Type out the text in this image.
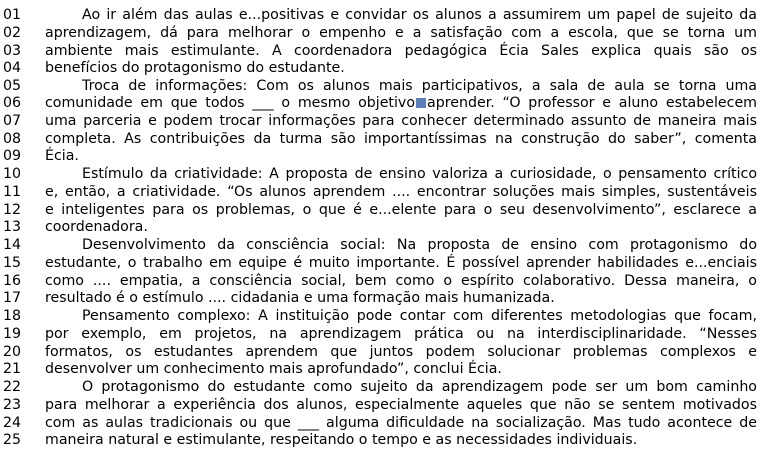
01	Ao ir além das aulas e...positivas e convidar os alunos a assumirem um papel de sujeito da
02	aprendizagem, dá para melhorar o empenho e a satisfação com a escola, que se torna um
03	ambiente mais estimulante. A coordenadora pedagógica Écia Sales explica quais são os
04	benefícios do protagonismo do estudante.
05	Troca de informações: Com os alunos mais participativos, a sala de aula se torna uma
06	comunidade em que todos ___ o mesmo objetivo aprender. “O professor e aluno estabelecem
07	uma parceria e podem trocar informações para conhecer determinado assunto de maneira mais
08	completa. As contribuições da turma são importantíssimas na construção do saber”, comenta
09	Écia.
10	Estímulo da criatividade: A proposta de ensino valoriza a curiosidade, o pensamento crítico
11	e, então, a criatividade. “Os alunos aprendem .... encontrar soluções mais simples, sustentáveis
12	e inteligentes para os problemas, o que é e...elente para o seu desenvolvimento”, esclarece a
13	coordenadora.
14	Desenvolvimento da consciência social: Na proposta de ensino com protagonismo do
15	estudante, o trabalho em equipe é muito importante. É possível aprender habilidades e...enciais
16	como .... empatia, a consciência social, bem como o espírito colaborativo. Dessa maneira, o
17	resultado é o estímulo .... cidadania e uma formação mais humanizada.
18	Pensamento complexo: A instituição pode contar com diferentes metodologias que focam,
19	por exemplo, em projetos, na aprendizagem prática ou na interdisciplinaridade. “Nesses
20	formatos, os estudantes aprendem que juntos podem solucionar problemas complexos e
21	desenvolver um conhecimento mais aprofundado”, conclui Écia.
22	O protagonismo do estudante como sujeito da aprendizagem pode ser um bom caminho
23	para melhorar a experiência dos alunos, especialmente aqueles que não se sentem motivados
24	com as aulas tradicionais ou que ___ alguma dificuldade na socialização. Mas tudo acontece de
25	maneira natural e estimulante, respeitando o tempo e as necessidades individuais.
